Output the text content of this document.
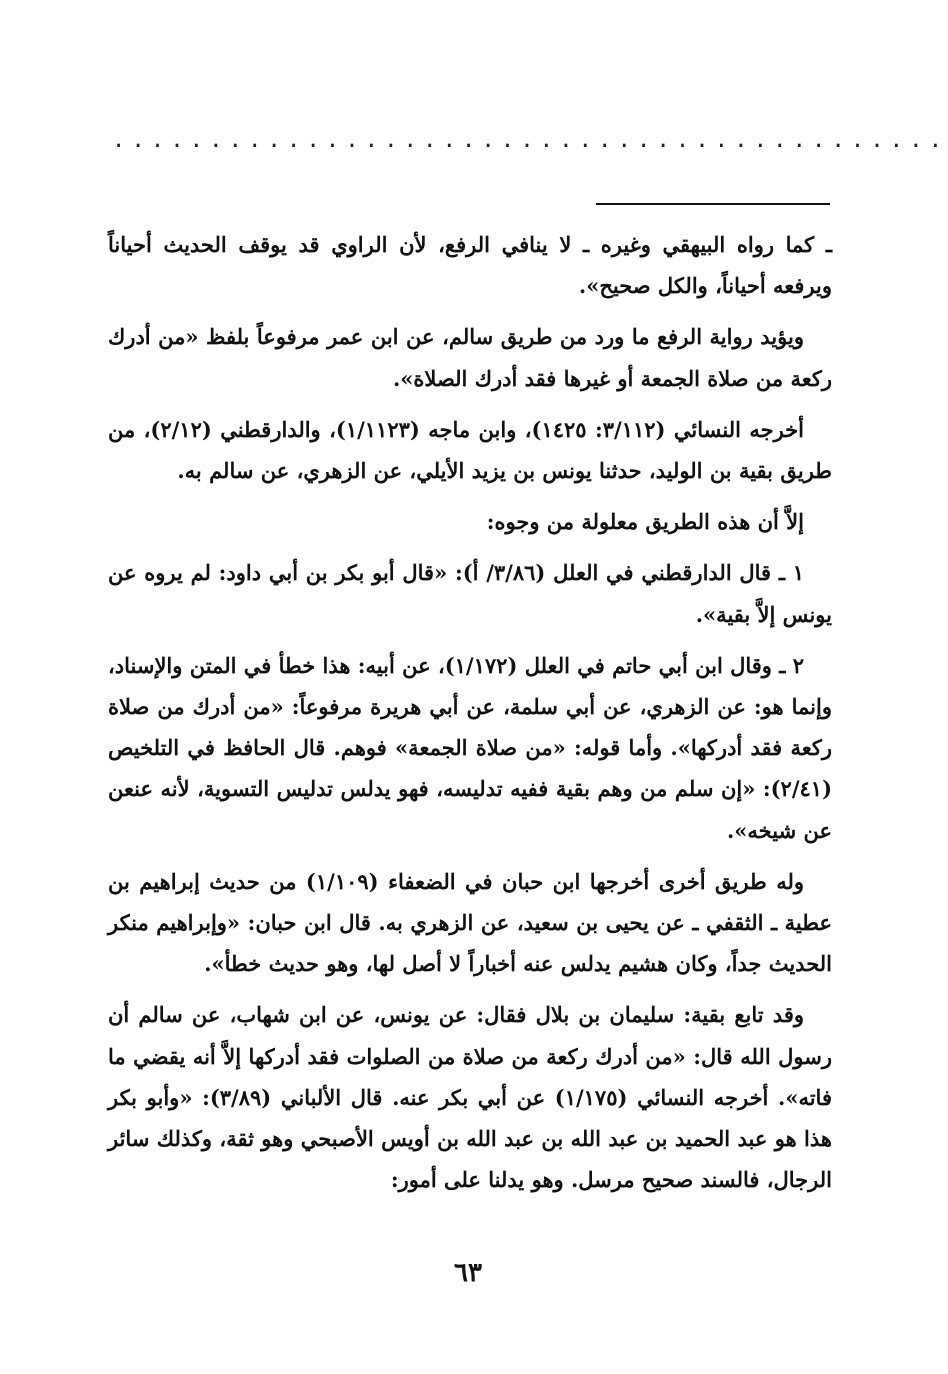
...........................................

ـ كما رواه البيهقي وغيره ـ لا ينافي الرفع، لأن الراوي قد يوقف الحديث أحياناً ويرفعه أحياناً، والكل صحيح».

ويؤيد رواية الرفع ما ورد من طريق سالم، عن ابن عمر مرفوعاً بلفظ «من أدرك ركعة من صلاة الجمعة أو غيرها فقد أدرك الصلاة».

أخرجه النسائي (٣/١١٢: ١٤٢٥)، وابن ماجه (١/١١٢٣)، والدارقطني (٢/١٢)، من طريق بقية بن الوليد، حدثنا يونس بن يزيد الأيلي، عن الزهري، عن سالم به.

إلاَّ أن هذه الطريق معلولة من وجوه:

١ ـ قال الدارقطني في العلل (٣/٨٦/ أ): «قال أبو بكر بن أبي داود: لم يروه عن يونس إلاَّ بقية».

٢ ـ وقال ابن أبي حاتم في العلل (١/١٧٢)، عن أبيه: هذا خطأ في المتن والإسناد، وإنما هو: عن الزهري، عن أبي سلمة، عن أبي هريرة مرفوعاً: «من أدرك من صلاة ركعة فقد أدركها». وأما قوله: «من صلاة الجمعة» فوهم. قال الحافظ في التلخيص (٢/٤١): «إن سلم من وهم بقية ففيه تدليسه، فهو يدلس تدليس التسوية، لأنه عنعن عن شيخه».

وله طريق أخرى أخرجها ابن حبان في الضعفاء (١/١٠٩) من حديث إبراهيم بن عطية ـ الثقفي ـ عن يحيى بن سعيد، عن الزهري به. قال ابن حبان: «وإبراهيم منكر الحديث جداً، وكان هشيم يدلس عنه أخباراً لا أصل لها، وهو حديث خطأ».

وقد تابع بقية: سليمان بن بلال فقال: عن يونس، عن ابن شهاب، عن سالم أن رسول الله قال: «من أدرك ركعة من صلاة من الصلوات فقد أدركها إلاَّ أنه يقضي ما فاته». أخرجه النسائي (١/١٧٥) عن أبي بكر عنه. قال الألباني (٣/٨٩): «وأبو بكر هذا هو عبد الحميد بن عبد الله بن عبد الله بن أويس الأصبحي وهو ثقة، وكذلك سائر الرجال، فالسند صحيح مرسل. وهو يدلنا على أمور:

٦٣
